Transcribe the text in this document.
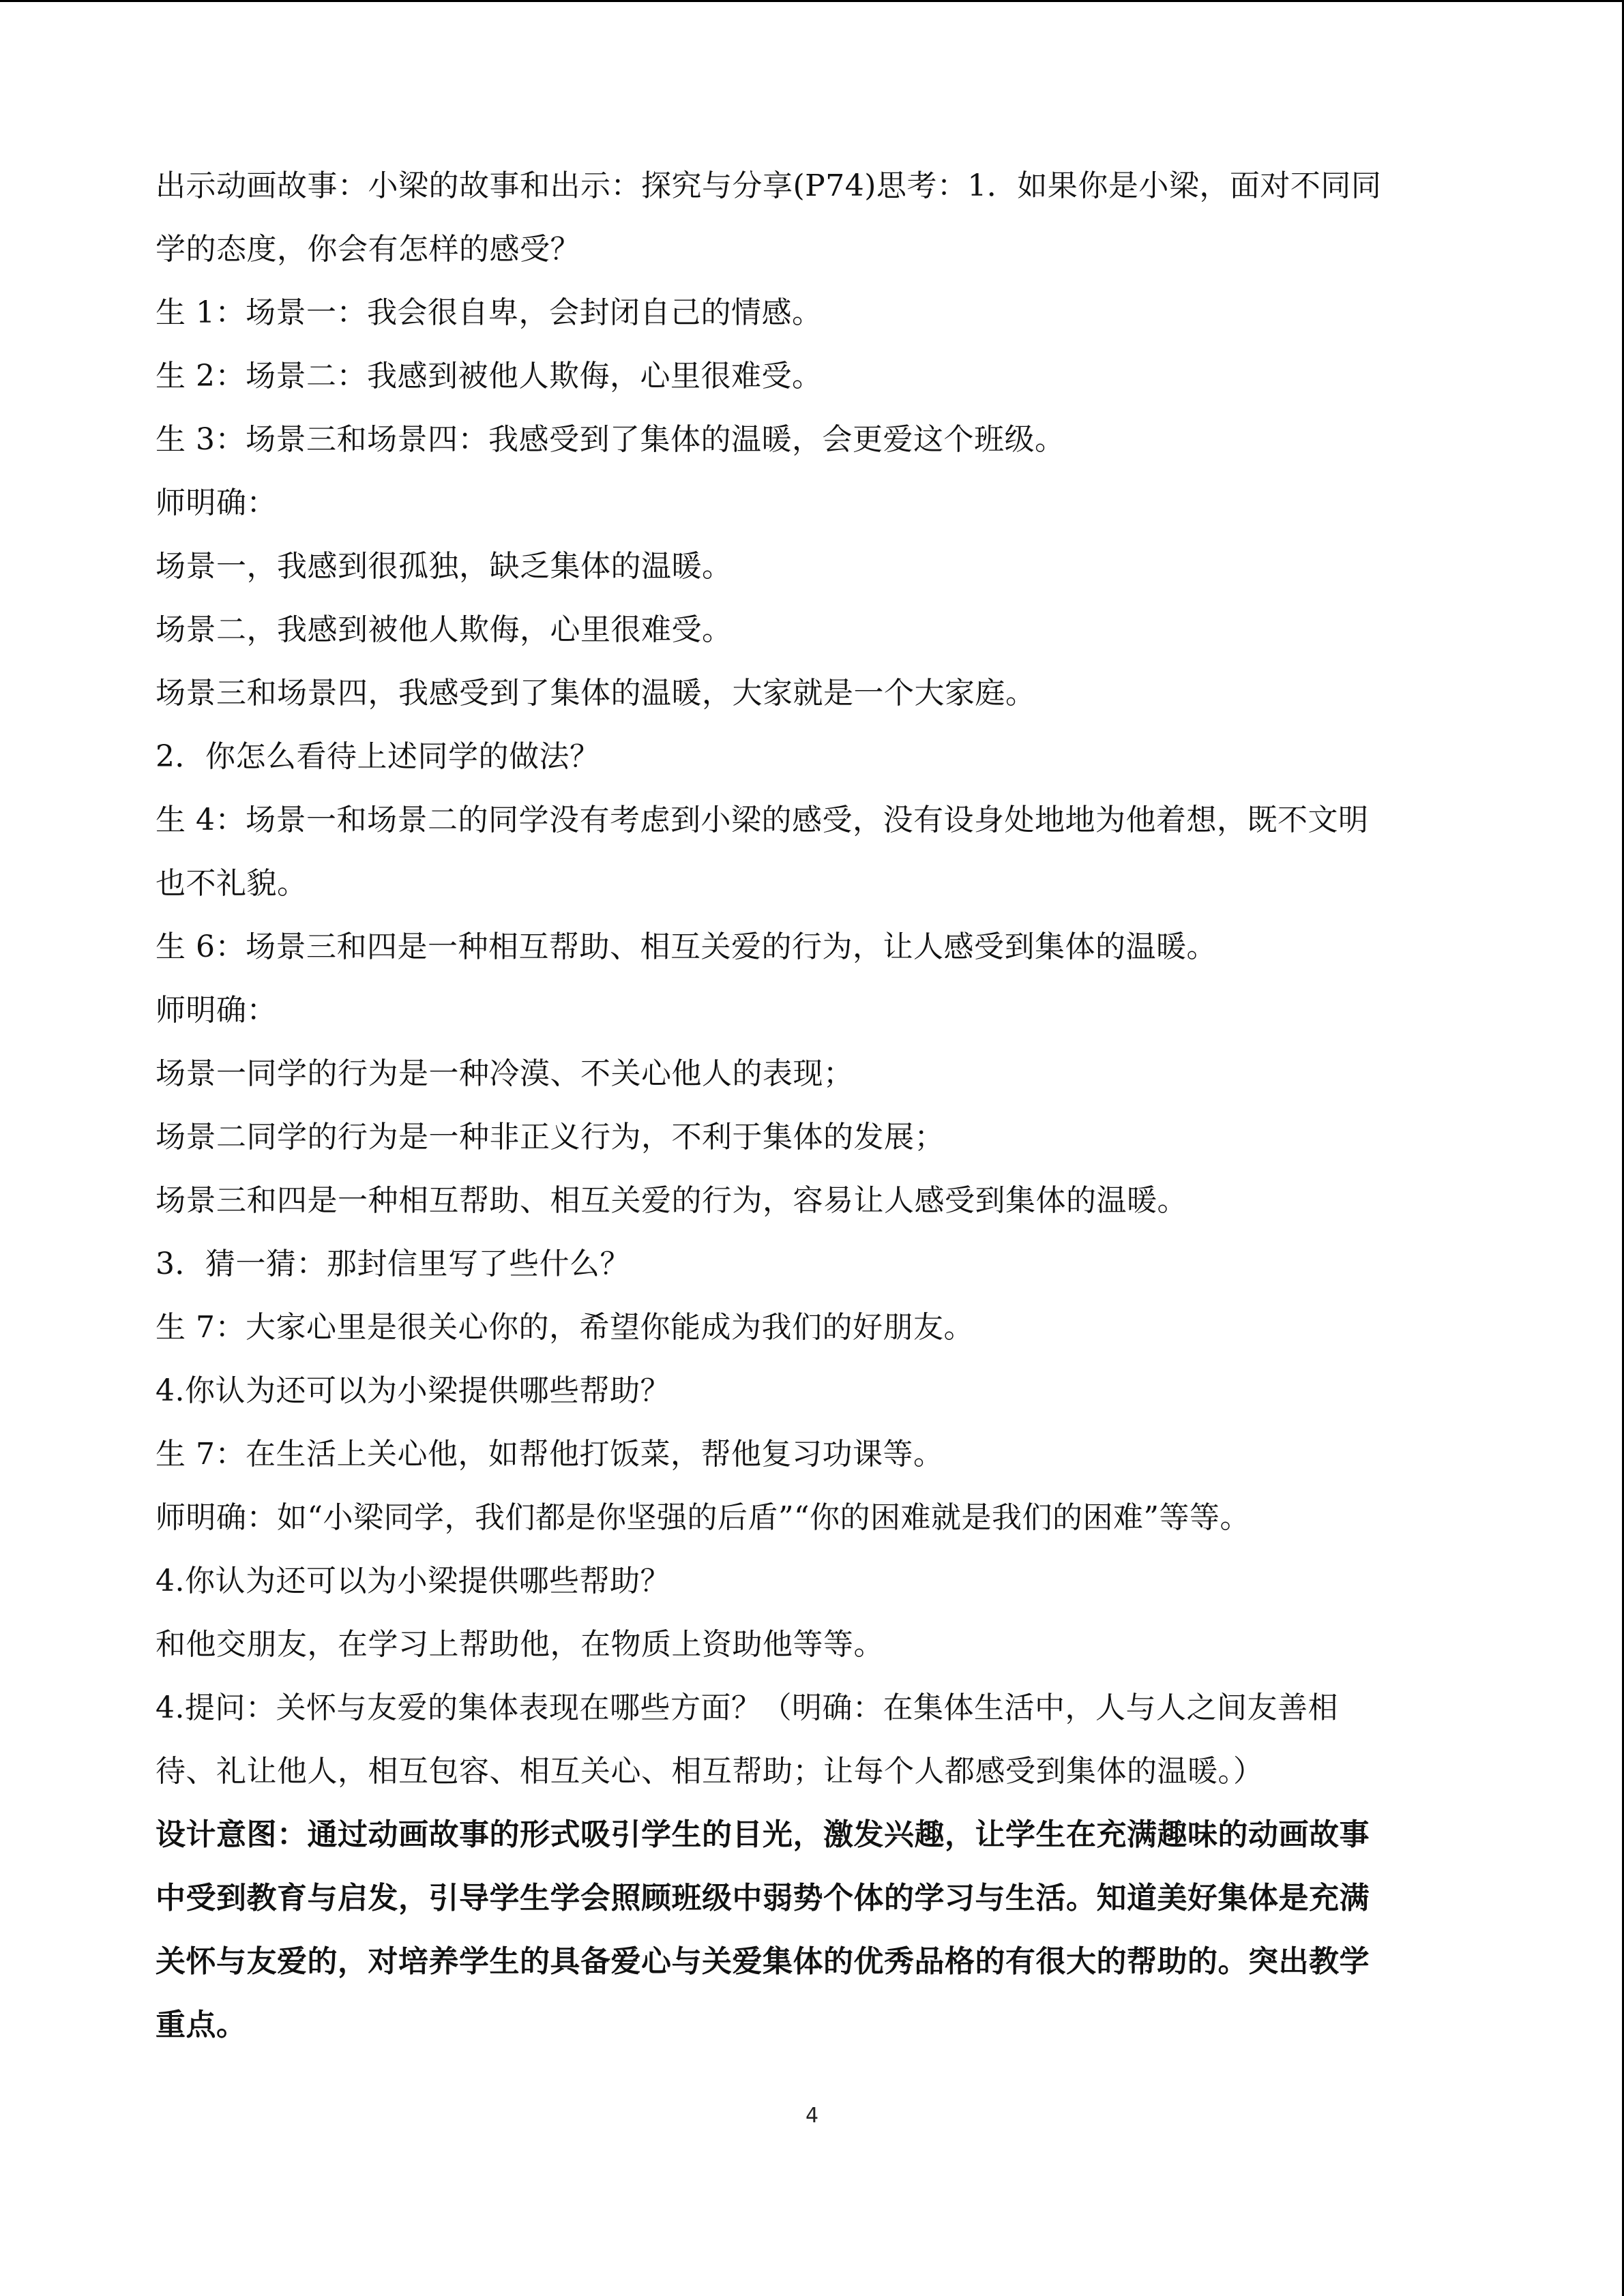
出示动画故事：小梁的故事和出示：探究与分享(P74)思考：1．如果你是小梁，面对不同同

学的态度，你会有怎样的感受？

生 1：场景一：我会很自卑，会封闭自己的情感。

生 2：场景二：我感到被他人欺侮，心里很难受。

生 3：场景三和场景四：我感受到了集体的温暖，会更爱这个班级。

师明确：

场景一，我感到很孤独，缺乏集体的温暖。

场景二，我感到被他人欺侮，心里很难受。

场景三和场景四，我感受到了集体的温暖，大家就是一个大家庭。

2．你怎么看待上述同学的做法？

生 4：场景一和场景二的同学没有考虑到小梁的感受，没有设身处地地为他着想，既不文明

也不礼貌。

生 6：场景三和四是一种相互帮助、相互关爱的行为，让人感受到集体的温暖。

师明确：

场景一同学的行为是一种冷漠、不关心他人的表现；

场景二同学的行为是一种非正义行为，不利于集体的发展；

场景三和四是一种相互帮助、相互关爱的行为，容易让人感受到集体的温暖。

3．猜一猜：那封信里写了些什么？

生 7：大家心里是很关心你的，希望你能成为我们的好朋友。

4.你认为还可以为小梁提供哪些帮助？

生 7：在生活上关心他，如帮他打饭菜，帮他复习功课等。

师明确：如“小梁同学，我们都是你坚强的后盾”“你的困难就是我们的困难”等等。

4.你认为还可以为小梁提供哪些帮助？

和他交朋友，在学习上帮助他，在物质上资助他等等。

4.提问：关怀与友爱的集体表现在哪些方面？（明确：在集体生活中，人与人之间友善相

待、礼让他人，相互包容、相互关心、相互帮助；让每个人都感受到集体的温暖。）

设计意图：通过动画故事的形式吸引学生的目光，激发兴趣，让学生在充满趣味的动画故事

中受到教育与启发，引导学生学会照顾班级中弱势个体的学习与生活。知道美好集体是充满

关怀与友爱的，对培养学生的具备爱心与关爱集体的优秀品格的有很大的帮助的。突出教学

重点。

4
